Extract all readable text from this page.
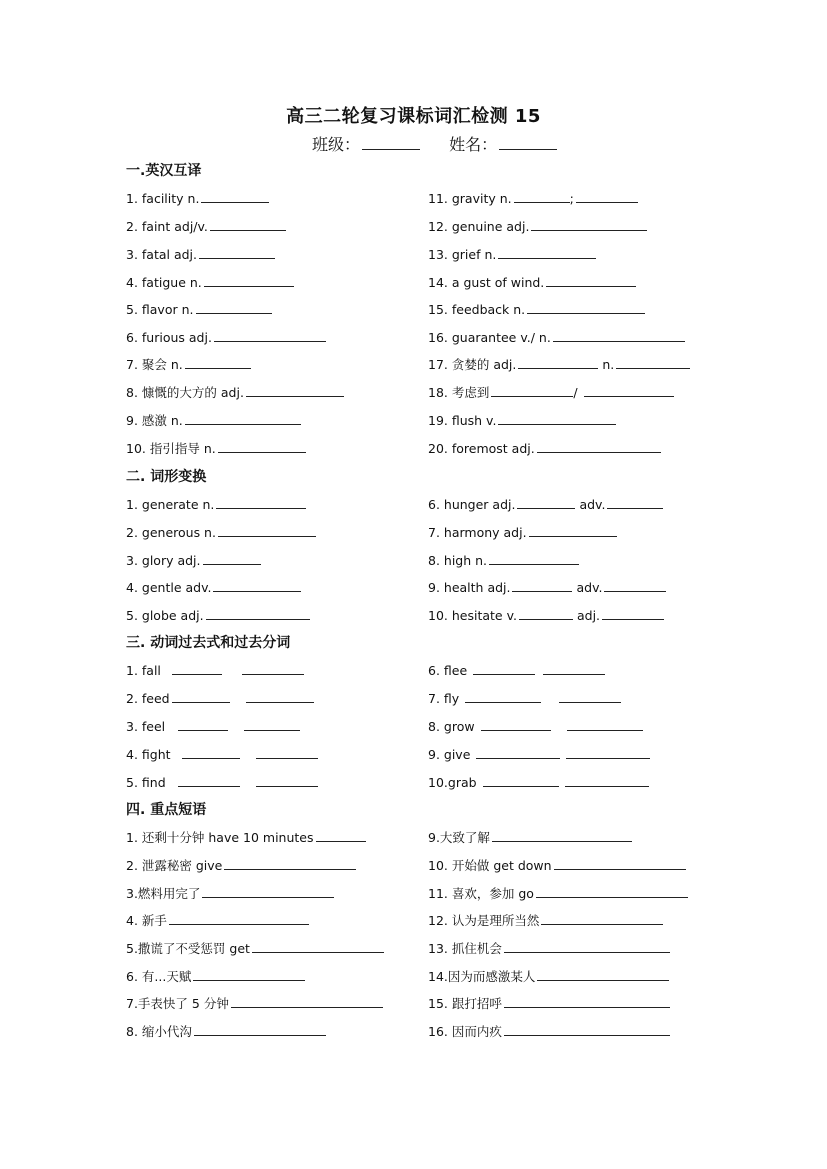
高三二轮复习课标词汇检测 15
班级：	姓名：
一.英汉互译
二. 词形变换
三. 动词过去式和过去分词
四. 重点短语
1. facility n.
2. faint adj/v.
3. fatal adj.
4. fatigue n.
5. flavor n.
6. furious adj.
7. 聚会 n.
8. 慷慨的大方的 adj.
9. 感激 n.
10. 指引指导 n.
11. gravity n.	;
12. genuine adj.
13. grief n.
14. a gust of wind.
15. feedback n.
16. guarantee v./ n.
17. 贪婪的 adj.	n.
18. 考虑到	/
19. flush v.
20. foremost adj.
1. generate n.
2. generous n.
3. glory adj.
4. gentle adv.
5. globe adj.
6. hunger adj.	adv.
7. harmony adj.
8. high n.
9. health adj.	adv.
10. hesitate v.	adj.
1. fall
2. feed
3. feel
4. fight
5. find
6. flee
7. fly
8. grow
9. give
10.grab
1. 还剩十分钟 have 10 minutes
2. 泄露秘密 give
3.燃料用完了
4. 新手
5.撒谎了不受惩罚 get
6. 有...天赋
7.手表快了 5 分钟
8. 缩小代沟
9.大致了解
10. 开始做 get down
11. 喜欢，参加 go
12. 认为是理所当然
13. 抓住机会
14.因为而感激某人
15. 跟打招呼
16. 因而内疚
